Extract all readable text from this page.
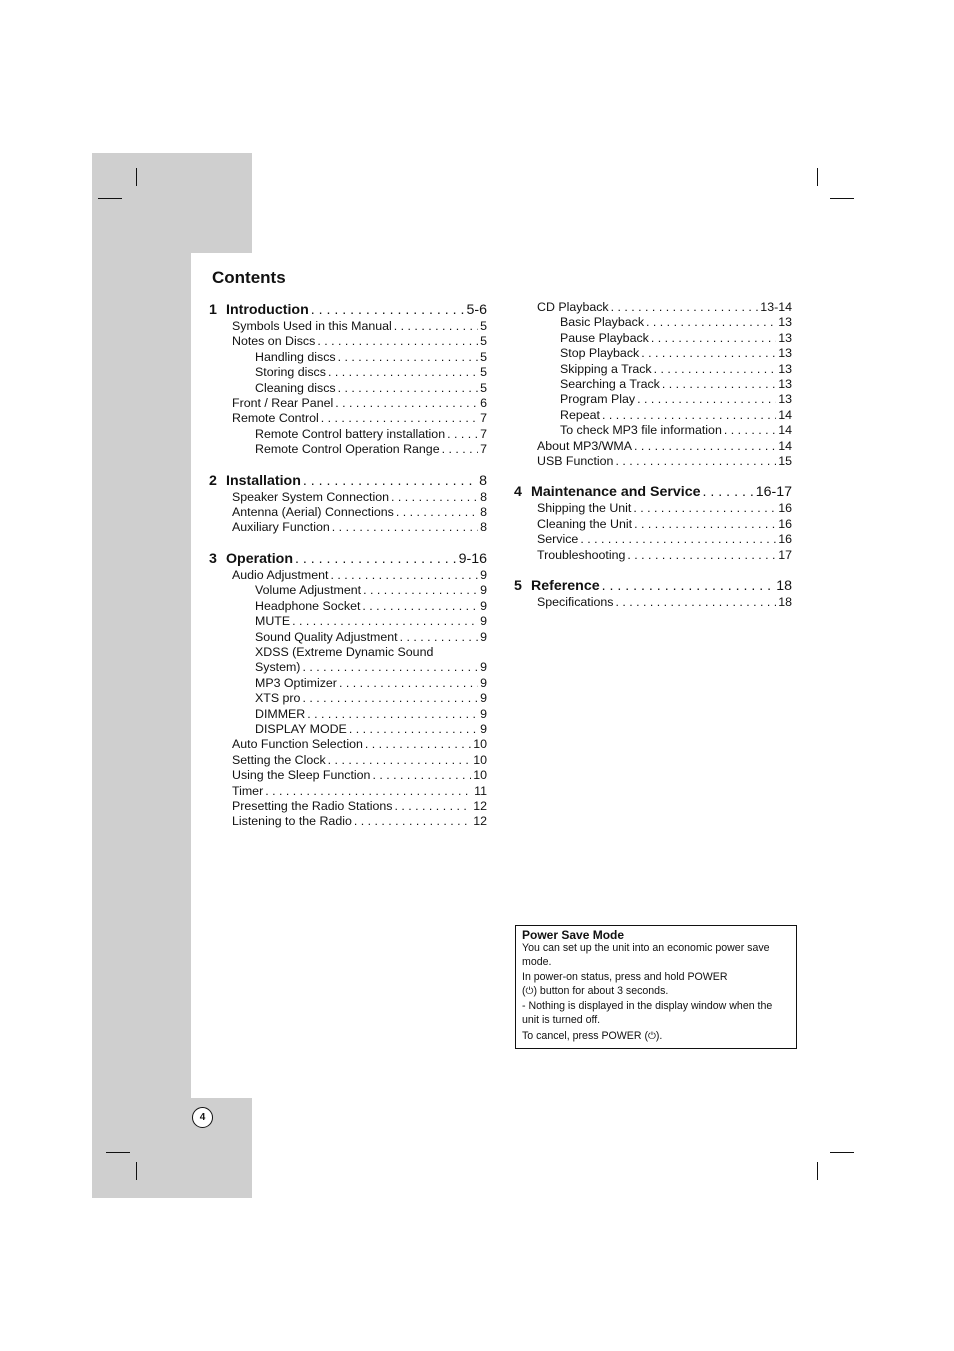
Contents
1 Introduction . . .	5-6
Symbols Used in this Manual . . .	5
Notes on Discs . . .	5
Handling discs . . .	5
Storing discs . . .	5
Cleaning discs . . .	5
Front / Rear Panel . . .	6
Remote Control . . .	7
Remote Control battery installation . . .	7
Remote Control Operation Range . . .	7
2 Installation . . .	8
Speaker System Connection . . .	8
Antenna (Aerial) Connections . . .	8
Auxiliary Function . . .	8
3 Operation . . .	9-16
Audio Adjustment . . .	9
Volume Adjustment . . .	9
Headphone Socket . . .	9
MUTE . . .	9
Sound Quality Adjustment . . .	9
XDSS (Extreme Dynamic Sound
System) . . .	9
MP3 Optimizer . . .	9
XTS pro . . .	9
DIMMER . . .	9
DISPLAY MODE . . .	9
Auto Function Selection . . .	10
Setting the Clock . . .	10
Using the Sleep Function . . .	10
Timer . . .	11
Presetting the Radio Stations . . .	12
Listening to the Radio . . .	12
CD Playback . . .	13-14
Basic Playback . . .	13
Pause Playback . . .	13
Stop Playback . . .	13
Skipping a Track . . .	13
Searching a Track . . .	13
Program Play . . .	13
Repeat . . .	14
To check MP3 file information . . .	14
About MP3/WMA . . .	14
USB Function . . .	15
4 Maintenance and Service . . .	16-17
Shipping the Unit . . .	16
Cleaning the Unit . . .	16
Service . . .	16
Troubleshooting . . .	17
5 Reference . . .	18
Specifications . . .	18
Power Save Mode

You can set up the unit into an economic power save mode.

In power-on status, press and hold POWER
(⏻) button for about 3 seconds.

- Nothing is displayed in the display window when the unit is turned off.

To cancel, press POWER (⏻).

4
